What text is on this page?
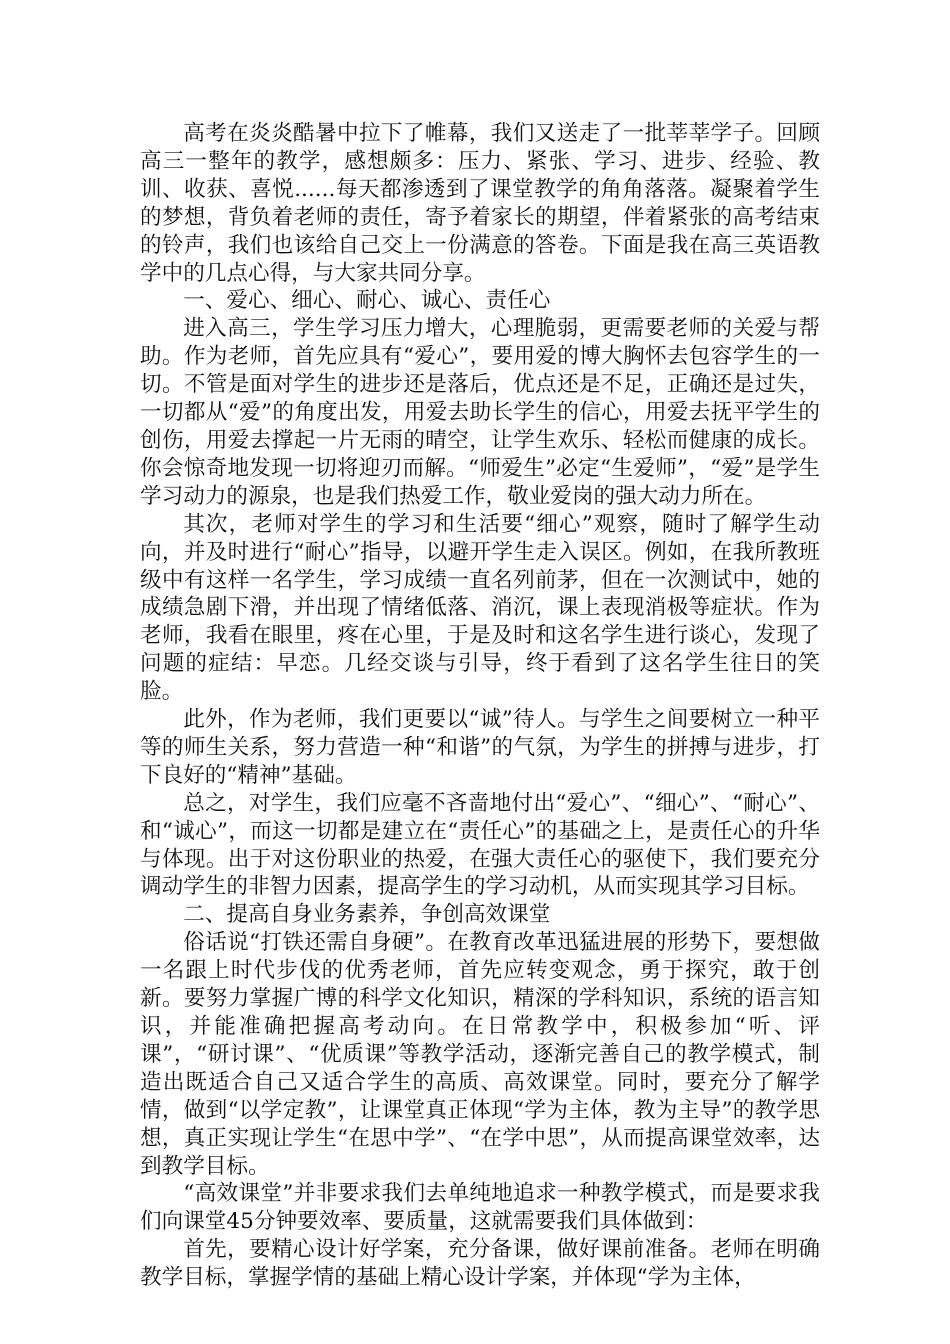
高考在炎炎酷暑中拉下了帷幕，我们又送走了一批莘莘学子。回顾高三一整年的教学，感想颇多：压力、紧张、学习、进步、经验、教训、收获、喜悦......每天都渗透到了课堂教学的角角落落。凝聚着学生的梦想，背负着老师的责任，寄予着家长的期望，伴着紧张的高考结束的铃声，我们也该给自己交上一份满意的答卷。下面是我在高三英语教学中的几点心得，与大家共同分享。

一、爱心、细心、耐心、诚心、责任心

进入高三，学生学习压力增大，心理脆弱，更需要老师的关爱与帮助。作为老师，首先应具有“爱心”，要用爱的博大胸怀去包容学生的一切。不管是面对学生的进步还是落后，优点还是不足，正确还是过失，一切都从“爱”的角度出发，用爱去助长学生的信心，用爱去抚平学生的创伤，用爱去撑起一片无雨的晴空，让学生欢乐、轻松而健康的成长。你会惊奇地发现一切将迎刃而解。“师爱生”必定“生爱师”，“爱”是学生学习动力的源泉，也是我们热爱工作，敬业爱岗的强大动力所在。

其次，老师对学生的学习和生活要“细心”观察，随时了解学生动向，并及时进行“耐心”指导，以避开学生走入误区。例如，在我所教班级中有这样一名学生，学习成绩一直名列前茅，但在一次测试中，她的成绩急剧下滑，并出现了情绪低落、消沉，课上表现消极等症状。作为老师，我看在眼里，疼在心里，于是及时和这名学生进行谈心，发现了问题的症结：早恋。几经交谈与引导，终于看到了这名学生往日的笑脸。

此外，作为老师，我们更要以“诚”待人。与学生之间要树立一种平等的师生关系，努力营造一种“和谐”的气氛，为学生的拼搏与进步，打下良好的“精神”基础。

总之，对学生，我们应毫不吝啬地付出“爱心”、“细心”、“耐心”、和“诚心”，而这一切都是建立在“责任心”的基础之上，是责任心的升华与体现。出于对这份职业的热爱，在强大责任心的驱使下，我们要充分调动学生的非智力因素，提高学生的学习动机，从而实现其学习目标。

二、提高自身业务素养，争创高效课堂

俗话说“打铁还需自身硬”。在教育改革迅猛进展的形势下，要想做一名跟上时代步伐的优秀老师，首先应转变观念，勇于探究，敢于创新。要努力掌握广博的科学文化知识，精深的学科知识，系统的语言知识，并能准确把握高考动向。在日常教学中，积极参加“听、评课”，“研讨课”、“优质课”等教学活动，逐渐完善自己的教学模式，制造出既适合自己又适合学生的高质、高效课堂。同时，要充分了解学情，做到“以学定教”，让课堂真正体现“学为主体，教为主导”的教学思想，真正实现让学生“在思中学”、“在学中思”，从而提高课堂效率，达到教学目标。

“高效课堂”并非要求我们去单纯地追求一种教学模式，而是要求我们向课堂45分钟要效率、要质量，这就需要我们具体做到：

首先，要精心设计好学案，充分备课，做好课前准备。老师在明确教学目标，掌握学情的基础上精心设计学案，并体现“学为主体，
